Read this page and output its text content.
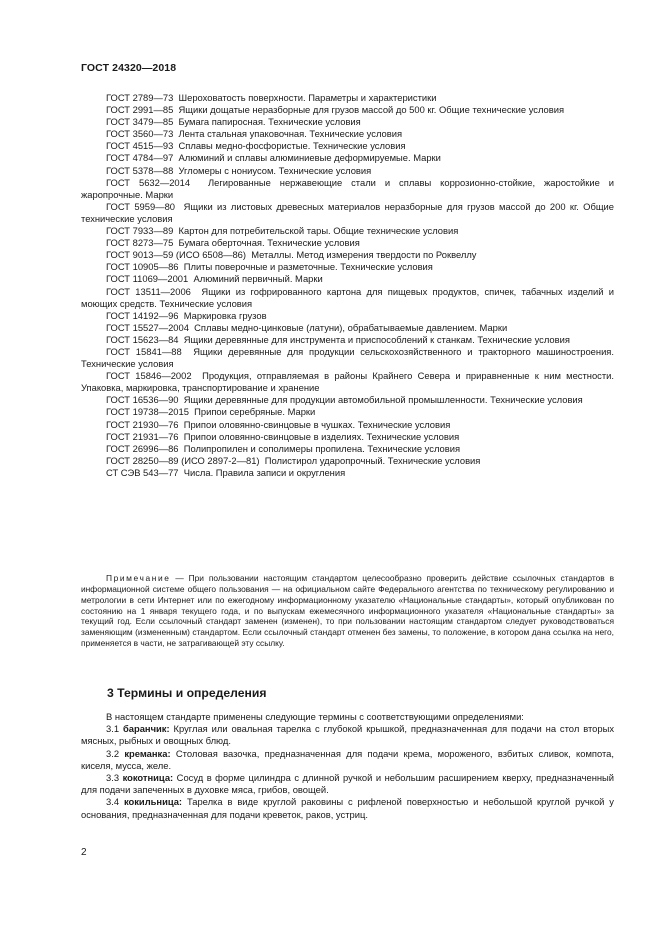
ГОСТ 24320—2018

ГОСТ 2789—73 Шероховатость поверхности. Параметры и характеристики

ГОСТ 2991—85 Ящики дощатые неразборные для грузов массой до 500 кг. Общие технические условия

ГОСТ 3479—85 Бумага папиросная. Технические условия

ГОСТ 3560—73 Лента стальная упаковочная. Технические условия

ГОСТ 4515—93 Сплавы медно-фосфористые. Технические условия

ГОСТ 4784—97 Алюминий и сплавы алюминиевые деформируемые. Марки

ГОСТ 5378—88 Угломеры с нониусом. Технические условия

ГОСТ 5632—2014 Легированные нержавеющие стали и сплавы коррозионно-стойкие, жаростойкие и жаропрочные. Марки

ГОСТ 5959—80 Ящики из листовых древесных материалов неразборные для грузов массой до 200 кг. Общие технические условия

ГОСТ 7933—89 Картон для потребительской тары. Общие технические условия

ГОСТ 8273—75 Бумага оберточная. Технические условия

ГОСТ 9013—59 (ИСО 6508—86) Металлы. Метод измерения твердости по Роквеллу

ГОСТ 10905—86 Плиты поверочные и разметочные. Технические условия

ГОСТ 11069—2001 Алюминий первичный. Марки

ГОСТ 13511—2006 Ящики из гофрированного картона для пищевых продуктов, спичек, табачных изделий и моющих средств. Технические условия

ГОСТ 14192—96 Маркировка грузов

ГОСТ 15527—2004 Сплавы медно-цинковые (латуни), обрабатываемые давлением. Марки

ГОСТ 15623—84 Ящики деревянные для инструмента и приспособлений к станкам. Технические условия

ГОСТ 15841—88 Ящики деревянные для продукции сельскохозяйственного и тракторного машиностроения. Технические условия

ГОСТ 15846—2002 Продукция, отправляемая в районы Крайнего Севера и приравненные к ним местности. Упаковка, маркировка, транспортирование и хранение

ГОСТ 16536—90 Ящики деревянные для продукции автомобильной промышленности. Технические условия

ГОСТ 19738—2015 Припои серебряные. Марки

ГОСТ 21930—76 Припои оловянно-свинцовые в чушках. Технические условия

ГОСТ 21931—76 Припои оловянно-свинцовые в изделиях. Технические условия

ГОСТ 26996—86 Полипропилен и сополимеры пропилена. Технические условия

ГОСТ 28250—89 (ИСО 2897-2—81) Полистирол ударопрочный. Технические условия

СТ СЭВ 543—77 Числа. Правила записи и округления

Примечание — При пользовании настоящим стандартом целесообразно проверить действие ссылочных стандартов в информационной системе общего пользования — на официальном сайте Федерального агентства по техническому регулированию и метрологии в сети Интернет или по ежегодному информационному указателю «Национальные стандарты», который опубликован по состоянию на 1 января текущего года, и по выпускам ежемесячного информационного указателя «Национальные стандарты» за текущий год. Если ссылочный стандарт заменен (изменен), то при пользовании настоящим стандартом следует руководствоваться заменяющим (измененным) стандартом. Если ссылочный стандарт отменен без замены, то положение, в котором дана ссылка на него, применяется в части, не затрагивающей эту ссылку.

3 Термины и определения

В настоящем стандарте применены следующие термины с соответствующими определениями:

3.1 баранчик: Круглая или овальная тарелка с глубокой крышкой, предназначенная для подачи на стол вторых мясных, рыбных и овощных блюд.

3.2 креманка: Столовая вазочка, предназначенная для подачи крема, мороженого, взбитых сливок, компота, киселя, мусса, желе.

3.3 кокотница: Сосуд в форме цилиндра с длинной ручкой и небольшим расширением кверху, предназначенный для подачи запеченных в духовке мяса, грибов, овощей.

3.4 кокильница: Тарелка в виде круглой раковины с рифленой поверхностью и небольшой круглой ручкой у основания, предназначенная для подачи креветок, раков, устриц.

2
